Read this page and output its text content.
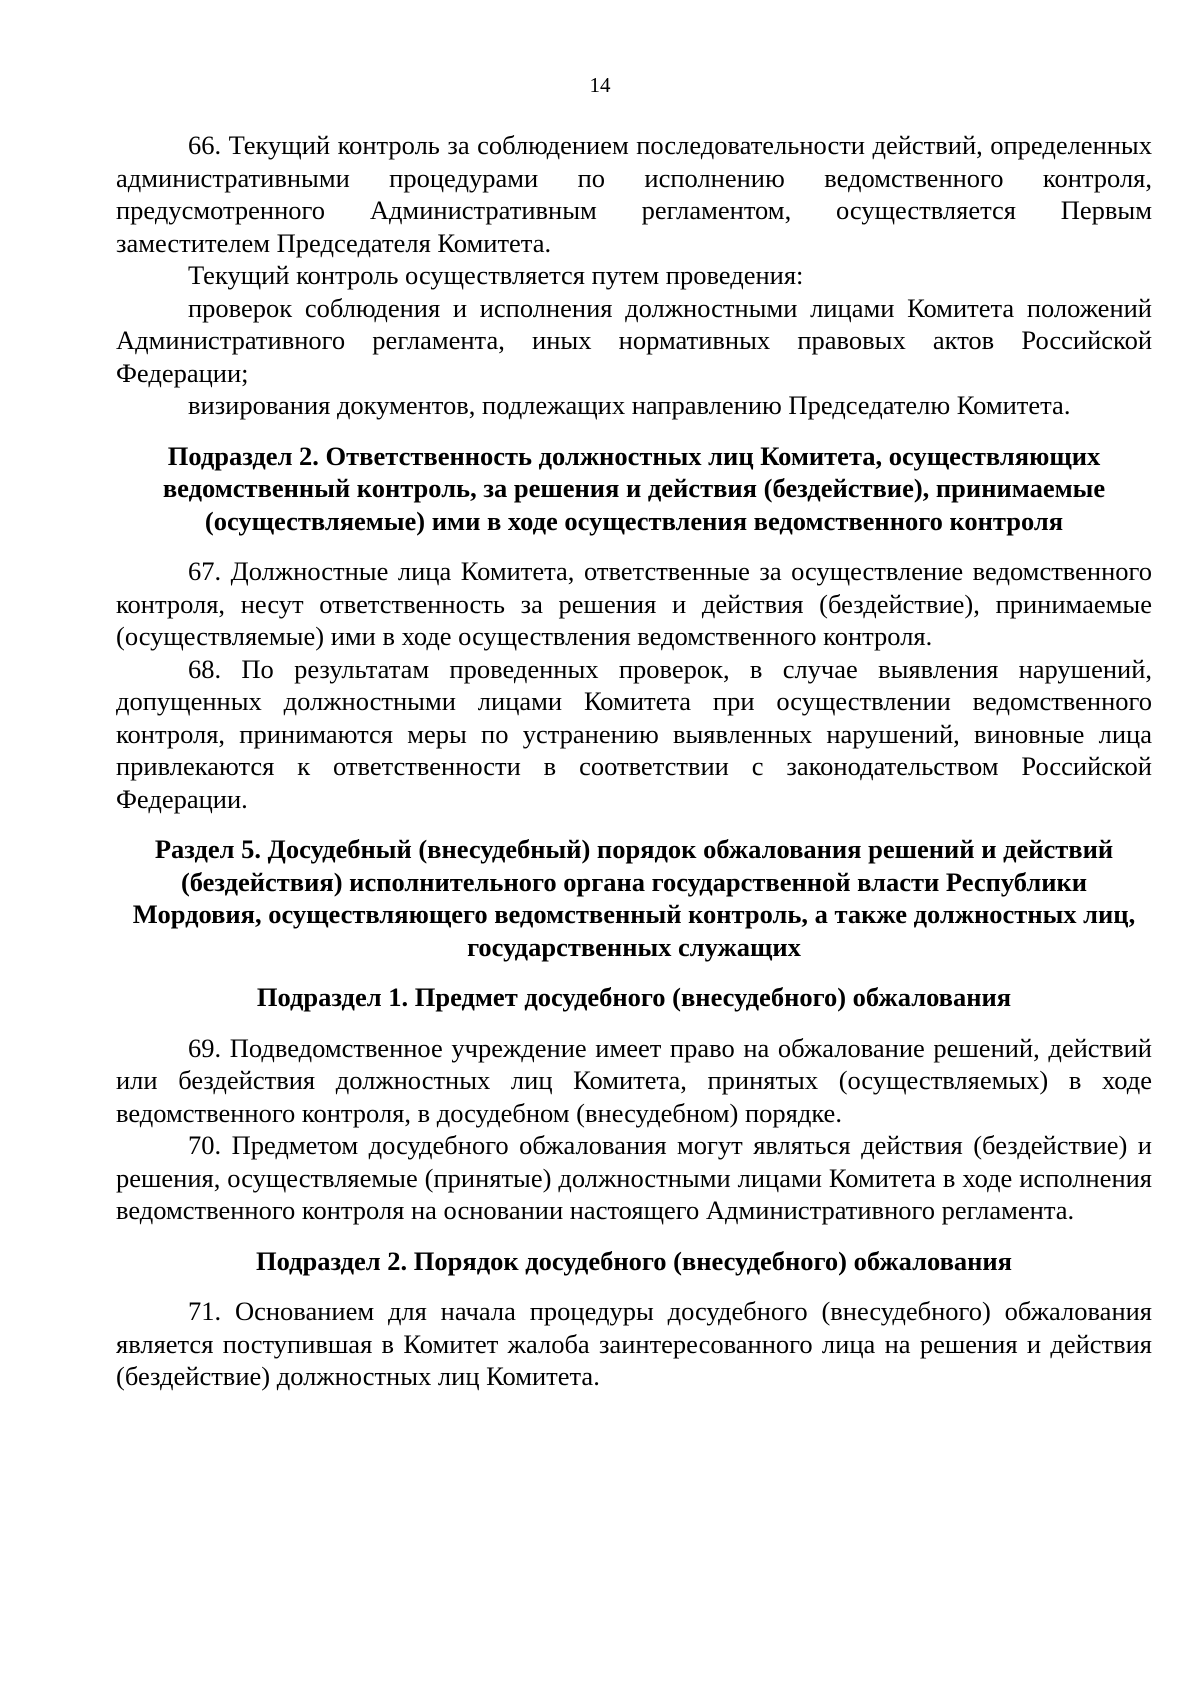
14

66. Текущий контроль за соблюдением последовательности действий, определенных административными процедурами по исполнению ведомственного контроля, предусмотренного Административным регламентом, осуществляется Первым заместителем Председателя Комитета.

Текущий контроль осуществляется путем проведения:

проверок соблюдения и исполнения должностными лицами Комитета положений Административного регламента, иных нормативных правовых актов Российской Федерации;

визирования документов, подлежащих направлению Председателю Комитета.

Подраздел 2. Ответственность должностных лиц Комитета, осуществляющих ведомственный контроль, за решения и действия (бездействие), принимаемые (осуществляемые) ими в ходе осуществления ведомственного контроля

67. Должностные лица Комитета, ответственные за осуществление ведомственного контроля, несут ответственность за решения и действия (бездействие), принимаемые (осуществляемые) ими в ходе осуществления ведомственного контроля.

68. По результатам проведенных проверок, в случае выявления нарушений, допущенных должностными лицами Комитета при осуществлении ведомственного контроля, принимаются меры по устранению выявленных нарушений, виновные лица привлекаются к ответственности в соответствии с законодательством Российской Федерации.

Раздел 5. Досудебный (внесудебный) порядок обжалования решений и действий (бездействия) исполнительного органа государственной власти Республики Мордовия, осуществляющего ведомственный контроль, а также должностных лиц, государственных служащих
Подраздел 1. Предмет досудебного (внесудебного) обжалования

69. Подведомственное учреждение имеет право на обжалование решений, действий или бездействия должностных лиц Комитета, принятых (осуществляемых) в ходе ведомственного контроля, в досудебном (внесудебном) порядке.

70. Предметом досудебного обжалования могут являться действия (бездействие) и решения, осуществляемые (принятые) должностными лицами Комитета в ходе исполнения ведомственного контроля на основании настоящего Административного регламента.

Подраздел 2. Порядок досудебного (внесудебного) обжалования

71. Основанием для начала процедуры досудебного (внесудебного) обжалования является поступившая в Комитет жалоба заинтересованного лица на решения и действия (бездействие) должностных лиц Комитета.
